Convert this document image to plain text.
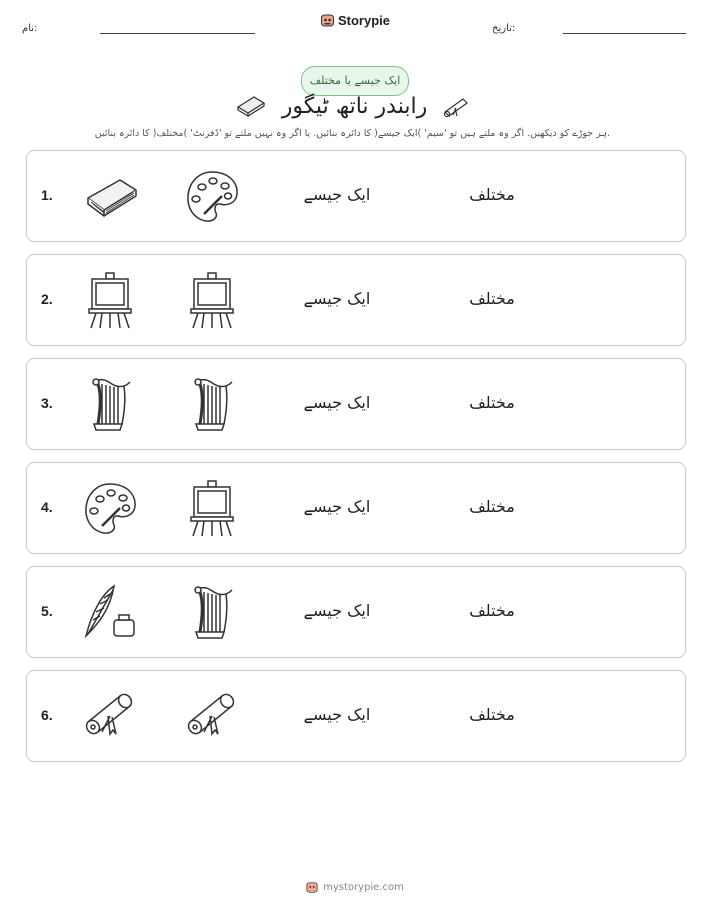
نام:
Storypie
تاریخ:
ایک جیسے یا مختلف
رابندر ناتھ ٹیگور
ہر جوڑے کو دیکھیں. اگر وہ ملتے ہیں تو 'سیم' )ایک جیسے( کا دائرہ بنائیں. یا اگر وہ نہیں ملتے تو 'ڈفرنٹ' )مختلف( کا دائرہ بنائیں.
1.	ایک جیسے	مختلف
2.	ایک جیسے	مختلف
3.	ایک جیسے	مختلف
4.	ایک جیسے	مختلف
5.	ایک جیسے	مختلف
6.	ایک جیسے	مختلف
mystorypie.com
